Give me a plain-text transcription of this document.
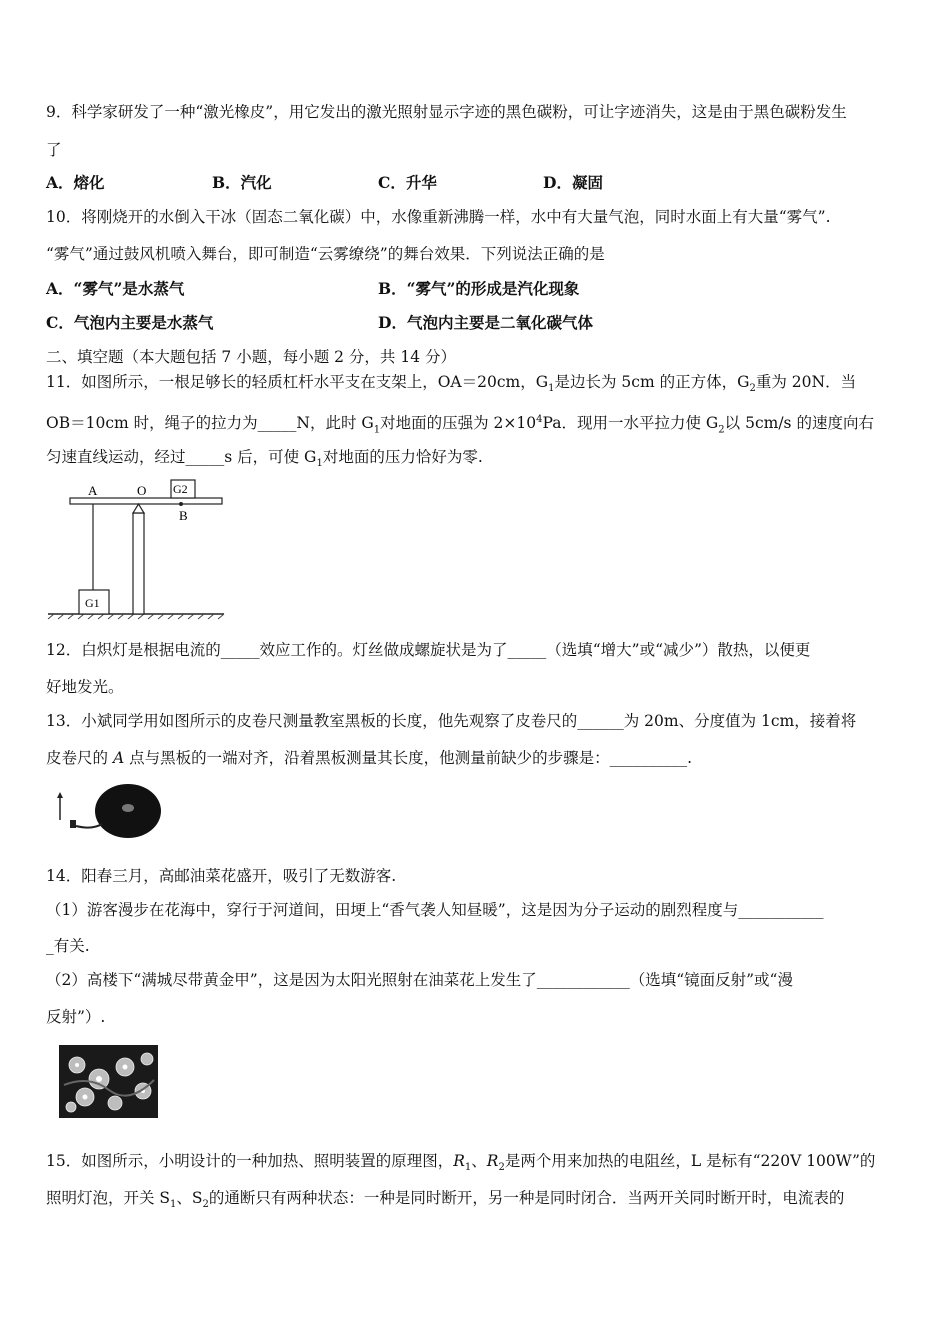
9．科学家研发了一种“激光橡皮”，用它发出的激光照射显示字迹的黑色碳粉，可让字迹消失，这是由于黑色碳粉发生
了
A．熔化	B．汽化	C．升华	D．凝固
10．将刚烧开的水倒入干冰（固态二氧化碳）中，水像重新沸腾一样，水中有大量气泡，同时水面上有大量“雾气”.
“雾气”通过鼓风机喷入舞台，即可制造“云雾缭绕”的舞台效果．下列说法正确的是
A．“雾气”是水蒸气	B．“雾气”的形成是汽化现象
C．气泡内主要是水蒸气	D．气泡内主要是二氧化碳气体
二、填空题（本大题包括 7 小题，每小题 2 分，共 14 分）
11．如图所示，一根足够长的轻质杠杆水平支在支架上，OA＝20cm，$G_1$是边长为 5cm 的正方体，$G_2$重为 20N．当
OB＝10cm 时，绳子的拉力为_____N，此时 $G_1$对地面的压强为 $2\times 10^4Pa$．现用一水平拉力使 $G_2$以 5cm/s 的速度向右
匀速直线运动，经过_____s 后，可使 $G_1$对地面的压力恰好为零.
A	O
B
G2
G1
12．白炽灯是根据电流的_____效应工作的。灯丝做成螺旋状是为了_____（选填“增大”或“减少”）散热，以便更
好地发光。
13．小斌同学用如图所示的皮卷尺测量教室黑板的长度，他先观察了皮卷尺的______为 20m、分度值为 1cm，接着将
皮卷尺的 A 点与黑板的一端对齐，沿着黑板测量其长度，他测量前缺少的步骤是：__________.
14．阳春三月，高邮油菜花盛开，吸引了无数游客.
（1）游客漫步在花海中，穿行于河道间，田埂上“香气袭人知昼暖”，这是因为分子运动的剧烈程度与___________
_有关.
（2）高楼下“满城尽带黄金甲”，这是因为太阳光照射在油菜花上发生了____________（选填“镜面反射”或“漫
反射”）.
15．如图所示，小明设计的一种加热、照明装置的原理图，$R_1$、$R_2$是两个用来加热的电阻丝，L 是标有“220V 100W”的
照明灯泡，开关 $S_1$、$S_2$的通断只有两种状态：一种是同时断开，另一种是同时闭合．当两开关同时断开时，电流表的
